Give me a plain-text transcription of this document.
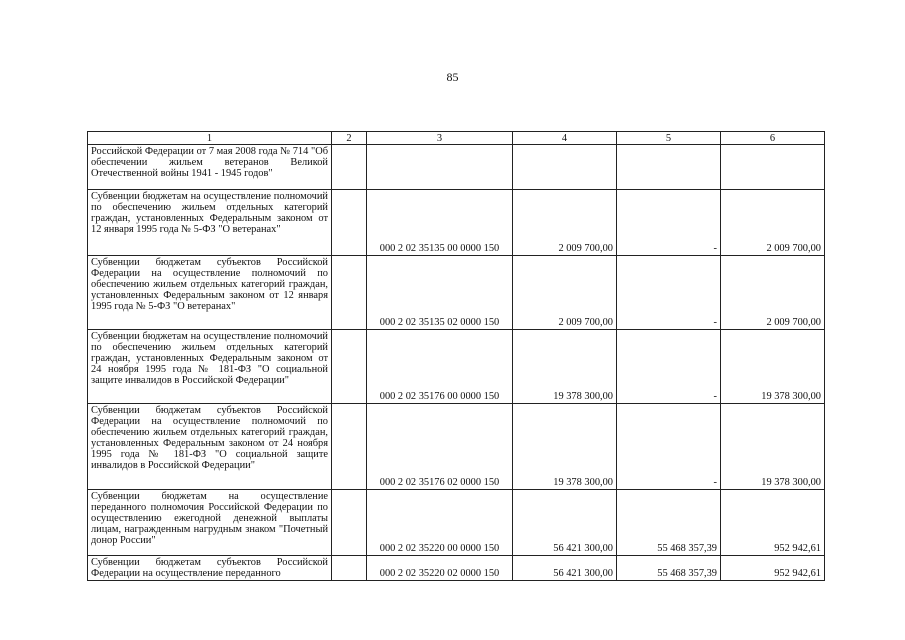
85
1	2	3	4	5	6
Российской Федерации от 7 мая 2008 года № 714 "Об обеспечении жильем ветеранов Великой Отечественной войны 1941 - 1945 годов"					
Субвенции бюджетам на осуществление полномочий по обеспечению жильем отдельных категорий граждан, установленных Федеральным законом от 12 января 1995 года № 5-ФЗ "О ветеранах"		000 2 02 35135 00 0000 150	2 009 700,00	-	2 009 700,00
Субвенции бюджетам субъектов Российской Федерации на осуществление полномочий по обеспечению жильем отдельных категорий граждан, установленных Федеральным законом от 12 января 1995 года № 5-ФЗ "О ветеранах"		000 2 02 35135 02 0000 150	2 009 700,00	-	2 009 700,00
Субвенции бюджетам на осуществление полномочий по обеспечению жильем отдельных категорий граждан, установленных Федеральным законом от 24 ноября 1995 года № 181-ФЗ "О социальной защите инвалидов в Российской Федерации"		000 2 02 35176 00 0000 150	19 378 300,00	-	19 378 300,00
Субвенции бюджетам субъектов Российской Федерации на осуществление полномочий по обеспечению жильем отдельных категорий граждан, установленных Федеральным законом от 24 ноября 1995 года № 181-ФЗ "О социальной защите инвалидов в Российской Федерации"		000 2 02 35176 02 0000 150	19 378 300,00	-	19 378 300,00
Субвенции бюджетам на осуществление переданного полномочия Российской Федерации по осуществлению ежегодной денежной выплаты лицам, награжденным нагрудным знаком "Почетный донор России"		000 2 02 35220 00 0000 150	56 421 300,00	55 468 357,39	952 942,61
Субвенции бюджетам субъектов Российской Федерации на осуществление переданного		000 2 02 35220 02 0000 150	56 421 300,00	55 468 357,39	952 942,61
